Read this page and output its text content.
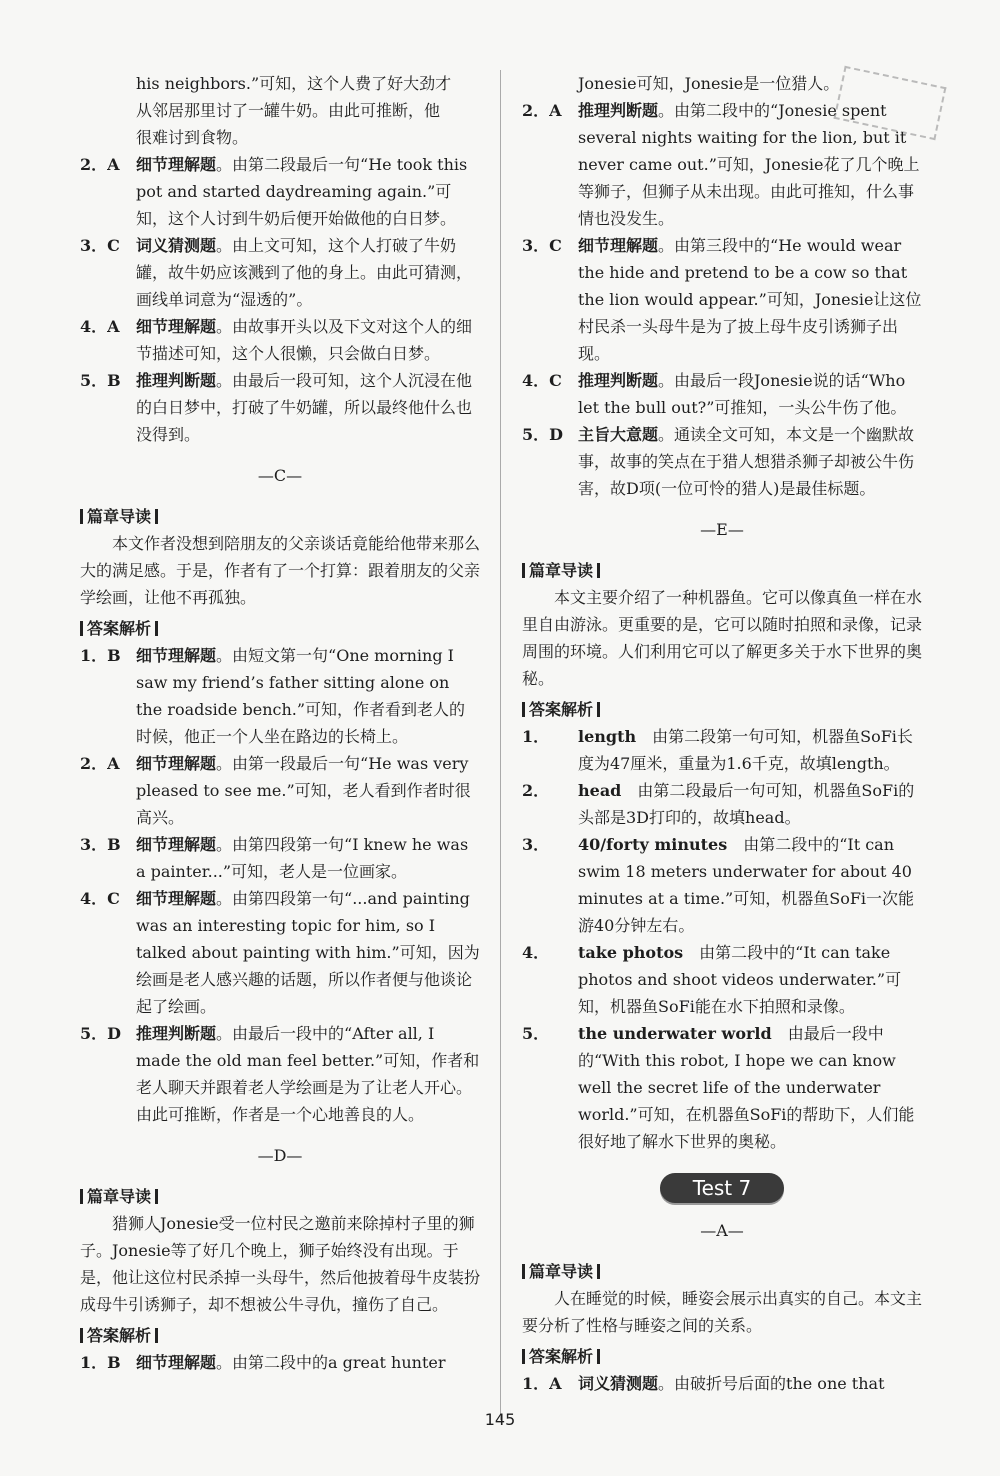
his neighbors.”可知，这个人费了好大劲才
从邻居那里讨了一罐牛奶。由此可推断，他
很难讨到食物。
2．A	细节理解题。由第二段最后一句“He took this pot and started daydreaming again.”可知，这个人讨到牛奶后便开始做他的白日梦。
3．C	词义猜测题。由上文可知，这个人打破了牛奶罐，故牛奶应该溅到了他的身上。由此可猜测，画线单词意为“湿透的”。
4．A	细节理解题。由故事开头以及下文对这个人的细节描述可知，这个人很懒，只会做白日梦。
5．B 推理判断题。由最后一段可知，这个人沉浸在他的白日梦中，打破了牛奶罐，所以最终他什么也没得到。
—C—
篇章导读
本文作者没想到陪朋友的父亲谈话竟能给他带来那么大的满足感。于是，作者有了一个打算：跟着朋友的父亲学绘画，让他不再孤独。
答案解析
1．B 细节理解题。由短文第一句“One morning I saw my friend’s father sitting alone on the roadside bench.”可知，作者看到老人的时候，他正一个人坐在路边的长椅上。
2．A	细节理解题。由第一段最后一句“He was very pleased to see me.”可知，老人看到作者时很高兴。
3．B 细节理解题。由第四段第一句“I knew he was a painter...”可知，老人是一位画家。
4．C	细节理解题。由第四段第一句“...and painting was an interesting topic for him, so I talked about painting with him.”可知，因为绘画是老人感兴趣的话题，所以作者便与他谈论起了绘画。
5．D 推理判断题。由最后一段中的“After all, I made the old man feel better.”可知，作者和老人聊天并跟着老人学绘画是为了让老人开心。由此可推断，作者是一个心地善良的人。
—D—
篇章导读
猎狮人Jonesie受一位村民之邀前来除掉村子里的狮子。Jonesie等了好几个晚上，狮子始终没有出现。于是，他让这位村民杀掉一头母牛，然后他披着母牛皮装扮成母牛引诱狮子，却不想被公牛寻仇，撞伤了自己。
答案解析
1．B 细节理解题。由第二段中的a great hunter
Jonesie可知，Jonesie是一位猎人。
2．A	推理判断题。由第二段中的“Jonesie spent several nights waiting for the lion, but it never came out.”可知，Jonesie花了几个晚上等狮子，但狮子从未出现。由此可推知，什么事情也没发生。
3．C	细节理解题。由第三段中的“He would wear the hide and pretend to be a cow so that the lion would appear.”可知，Jonesie让这位村民杀一头母牛是为了披上母牛皮引诱狮子出现。
4．C	推理判断题。由最后一段Jonesie说的话“Who let the bull out?”可推知，一头公牛伤了他。
5．D 主旨大意题。通读全文可知，本文是一个幽默故事，故事的笑点在于猎人想猎杀狮子却被公牛伤害，故D项(一位可怜的猎人)是最佳标题。
—E—
篇章导读
本文主要介绍了一种机器鱼。它可以像真鱼一样在水里自由游泳。更重要的是，它可以随时拍照和录像，记录周围的环境。人们利用它可以了解更多关于水下世界的奥秘。
答案解析
1．	length　由第二段第一句可知，机器鱼SoFi长度为47厘米，重量为1.6千克，故填length。
2．	head　由第二段最后一句可知，机器鱼SoFi的头部是3D打印的，故填head。
3．	40/forty minutes　由第二段中的“It can swim 18 meters underwater for about 40 minutes at a time.”可知，机器鱼SoFi一次能游40分钟左右。
4．	take photos　由第二段中的“It can take photos and shoot videos underwater.”可知，机器鱼SoFi能在水下拍照和录像。
5．	the underwater world　由最后一段中的“With this robot, I hope we can know well the secret life of the underwater world.”可知，在机器鱼SoFi的帮助下，人们能很好地了解水下世界的奥秘。
Test 7
—A—
篇章导读
人在睡觉的时候，睡姿会展示出真实的自己。本文主要分析了性格与睡姿之间的关系。
答案解析
1．A	词义猜测题。由破折号后面的the one that
145
